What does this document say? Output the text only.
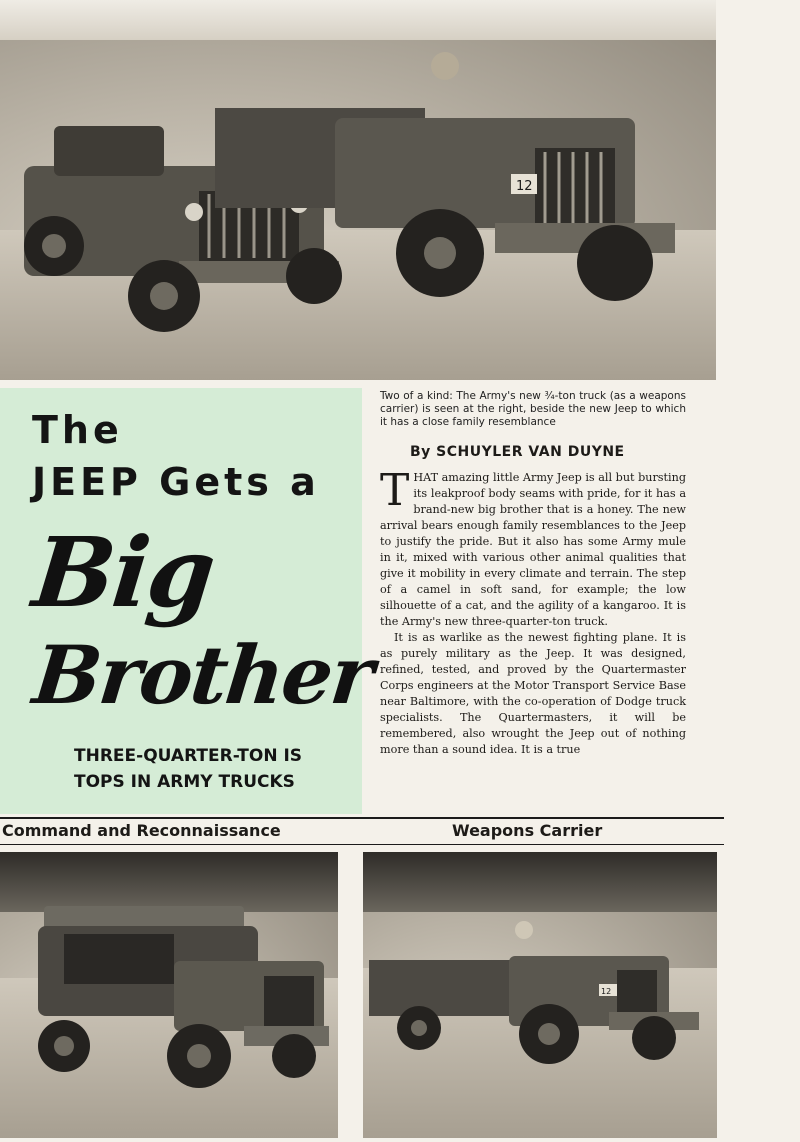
12
The
JEEP Gets a
Big
Brother
THREE-QUARTER-TON IS
TOPS IN ARMY TRUCKS
Two of a kind: The Army's new ¾-ton truck (as a weapons carrier) is seen at the right, beside the new Jeep to which it has a close family resemblance
By SCHUYLER VAN DUYNE

THAT amazing little Army Jeep is all but bursting its leakproof body seams with pride, for it has a brand-new big brother that is a honey. The new arrival bears enough family resemblances to the Jeep to justify the pride. But it also has some Army mule in it, mixed with various other animal qualities that give it mobility in every climate and terrain. The step of a camel in soft sand, for example; the low silhouette of a cat, and the agility of a kangaroo. It is the Army's new three-quarter-ton truck.

It is as warlike as the newest fighting plane. It is as purely military as the Jeep. It was designed, refined, tested, and proved by the Quartermaster Corps engineers at the Motor Transport Service Base near Baltimore, with the co-operation of Dodge truck specialists. The Quartermasters, it will be remembered, also wrought the Jeep out of nothing more than a sound idea. It is a true

Command and Reconnaissance	Weapons Carrier
12
